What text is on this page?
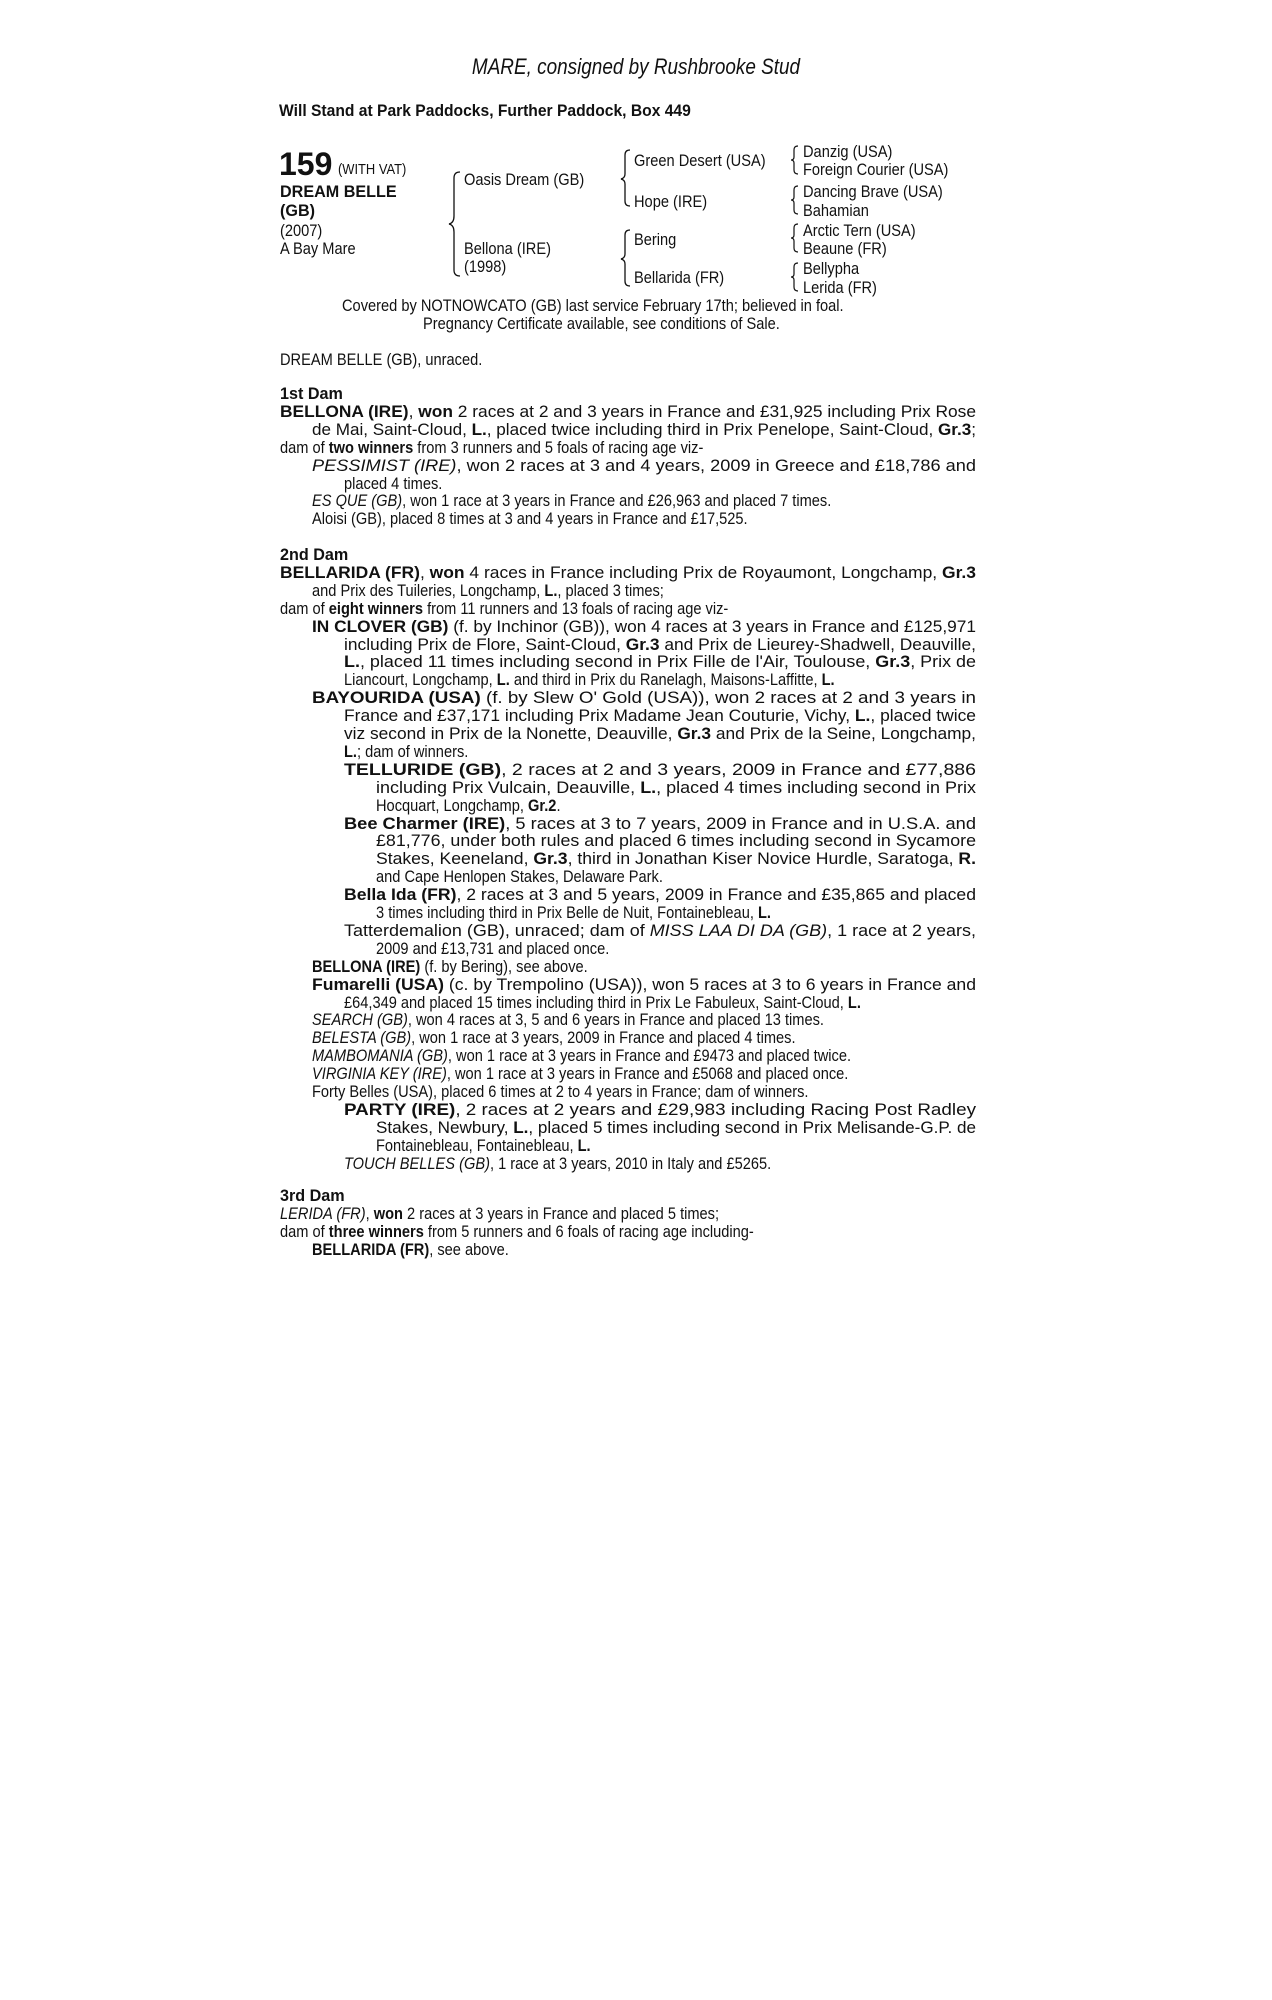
MARE, consigned by Rushbrooke Stud
Will Stand at Park Paddocks, Further Paddock, Box 449
159 (WITH VAT)
DREAM BELLE
(GB)
(2007)
A Bay Mare
Oasis Dream (GB)
Bellona (IRE)
(1998)
Green Desert (USA)
Hope (IRE)
Bering
Bellarida (FR)
Danzig (USA)
Foreign Courier (USA)
Dancing Brave (USA)
Bahamian
Arctic Tern (USA)
Beaune (FR)
Bellypha
Lerida (FR)
Covered by NOTNOWCATO (GB) last service February 17th; believed in foal.
Pregnancy Certificate available, see conditions of Sale.
DREAM BELLE (GB), unraced.
1st Dam
BELLONA (IRE), won 2 races at 2 and 3 years in France and £31,925 including Prix Rose
de Mai, Saint-Cloud, L., placed twice including third in Prix Penelope, Saint-Cloud, Gr.3;
dam of two winners from 3 runners and 5 foals of racing age viz-
PESSIMIST (IRE), won 2 races at 3 and 4 years, 2009 in Greece and £18,786 and
placed 4 times.
ES QUE (GB), won 1 race at 3 years in France and £26,963 and placed 7 times.
Aloisi (GB), placed 8 times at 3 and 4 years in France and £17,525.
2nd Dam
BELLARIDA (FR), won 4 races in France including Prix de Royaumont, Longchamp, Gr.3
and Prix des Tuileries, Longchamp, L., placed 3 times;
dam of eight winners from 11 runners and 13 foals of racing age viz-
IN CLOVER (GB) (f. by Inchinor (GB)), won 4 races at 3 years in France and £125,971
including Prix de Flore, Saint-Cloud, Gr.3 and Prix de Lieurey-Shadwell, Deauville,
L., placed 11 times including second in Prix Fille de l'Air, Toulouse, Gr.3, Prix de
Liancourt, Longchamp, L. and third in Prix du Ranelagh, Maisons-Laffitte, L.
BAYOURIDA (USA) (f. by Slew O' Gold (USA)), won 2 races at 2 and 3 years in
France and £37,171 including Prix Madame Jean Couturie, Vichy, L., placed twice
viz second in Prix de la Nonette, Deauville, Gr.3 and Prix de la Seine, Longchamp,
L.; dam of winners.
TELLURIDE (GB), 2 races at 2 and 3 years, 2009 in France and £77,886
including Prix Vulcain, Deauville, L., placed 4 times including second in Prix
Hocquart, Longchamp, Gr.2.
Bee Charmer (IRE), 5 races at 3 to 7 years, 2009 in France and in U.S.A. and
£81,776, under both rules and placed 6 times including second in Sycamore
Stakes, Keeneland, Gr.3, third in Jonathan Kiser Novice Hurdle, Saratoga, R.
and Cape Henlopen Stakes, Delaware Park.
Bella Ida (FR), 2 races at 3 and 5 years, 2009 in France and £35,865 and placed
3 times including third in Prix Belle de Nuit, Fontainebleau, L.
Tatterdemalion (GB), unraced; dam of MISS LAA DI DA (GB), 1 race at 2 years,
2009 and £13,731 and placed once.
BELLONA (IRE) (f. by Bering), see above.
Fumarelli (USA) (c. by Trempolino (USA)), won 5 races at 3 to 6 years in France and
£64,349 and placed 15 times including third in Prix Le Fabuleux, Saint-Cloud, L.
SEARCH (GB), won 4 races at 3, 5 and 6 years in France and placed 13 times.
BELESTA (GB), won 1 race at 3 years, 2009 in France and placed 4 times.
MAMBOMANIA (GB), won 1 race at 3 years in France and £9473 and placed twice.
VIRGINIA KEY (IRE), won 1 race at 3 years in France and £5068 and placed once.
Forty Belles (USA), placed 6 times at 2 to 4 years in France; dam of winners.
PARTY (IRE), 2 races at 2 years and £29,983 including Racing Post Radley
Stakes, Newbury, L., placed 5 times including second in Prix Melisande-G.P. de
Fontainebleau, Fontainebleau, L.
TOUCH BELLES (GB), 1 race at 3 years, 2010 in Italy and £5265.
3rd Dam
LERIDA (FR), won 2 races at 3 years in France and placed 5 times;
dam of three winners from 5 runners and 6 foals of racing age including-
BELLARIDA (FR), see above.
